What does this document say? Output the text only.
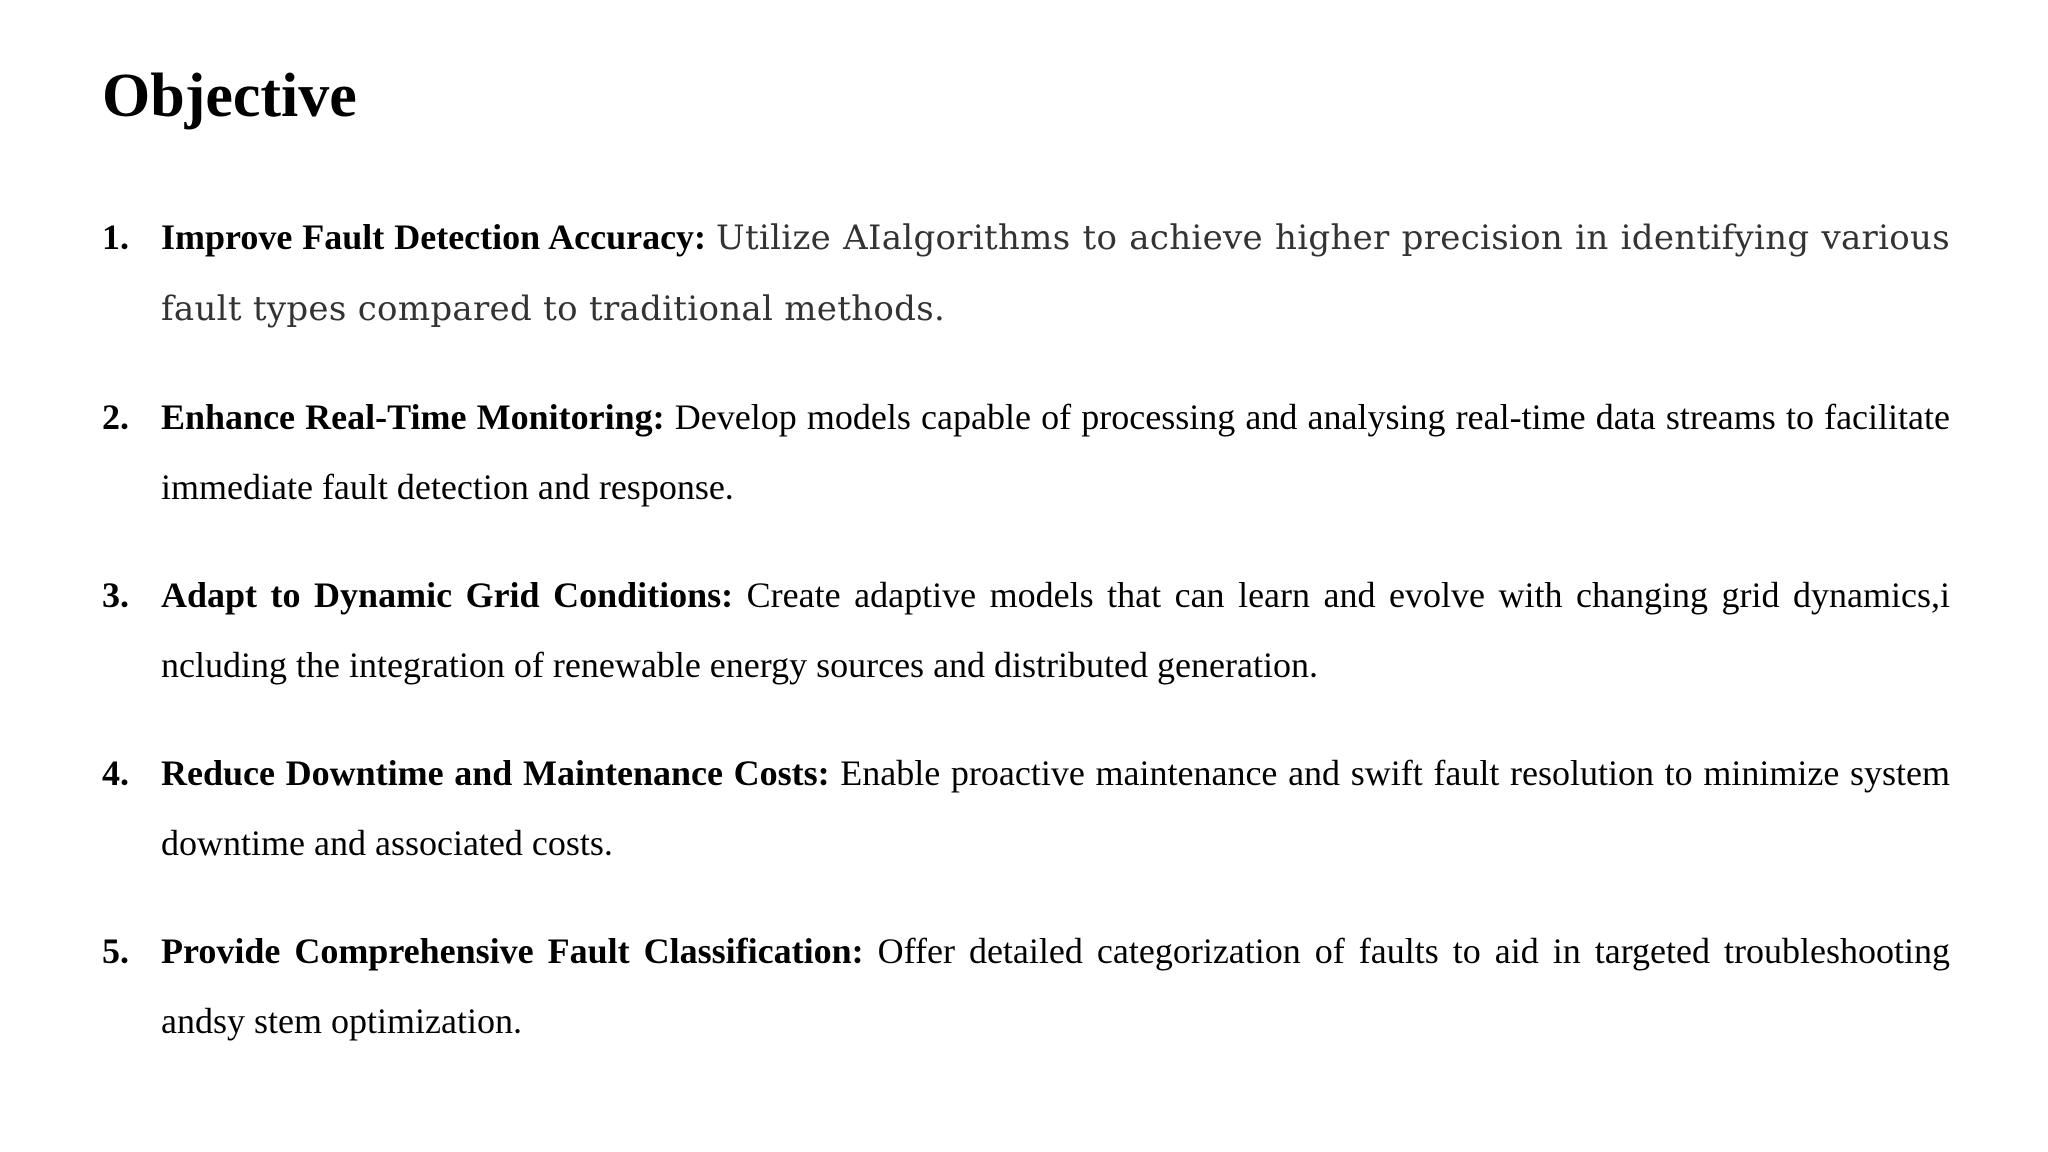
Objective
1. Improve Fault Detection Accuracy: Utilize AIalgorithms to achieve higher precision in identifying various fault types compared to traditional methods.
2. Enhance Real-Time Monitoring: Develop models capable of processing and analysing real-time data streams to facilitate immediate fault detection and response.
3. Adapt to Dynamic Grid Conditions: Create adaptive models that can learn and evolve with changing grid dynamics,i ncluding the integration of renewable energy sources and distributed generation.
4. Reduce Downtime and Maintenance Costs: Enable proactive maintenance and swift fault resolution to minimize system downtime and associated costs.
5. Provide Comprehensive Fault Classification: Offer detailed categorization of faults to aid in targeted troubleshooting andsy stem optimization.
